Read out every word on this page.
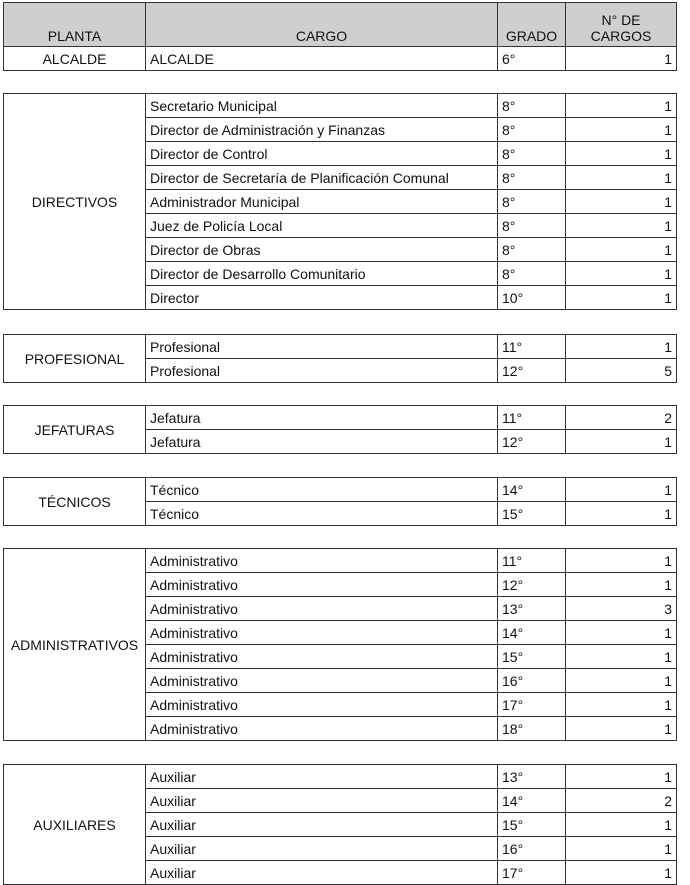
PLANTA	CARGO	GRADO	N° DE
CARGOS
ALCALDE	ALCALDE	6°	1
DIRECTIVOS	Secretario Municipal	8°	1
	Director de Administración y Finanzas	8°	1
	Director de Control	8°	1
	Director de Secretaría de Planificación Comunal	8°	1
	Administrador Municipal	8°	1
	Juez de Policía Local	8°	1
	Director de Obras	8°	1
	Director de Desarrollo Comunitario	8°	1
	Director	10°	1
PROFESIONAL	Profesional	11°	1
	Profesional	12°	5
JEFATURAS	Jefatura	11°	2
	Jefatura	12°	1
TÉCNICOS	Técnico	14°	1
	Técnico	15°	1
ADMINISTRATIVOS	Administrativo	11°	1
	Administrativo	12°	1
	Administrativo	13°	3
	Administrativo	14°	1
	Administrativo	15°	1
	Administrativo	16°	1
	Administrativo	17°	1
	Administrativo	18°	1
AUXILIARES	Auxiliar	13°	1
	Auxiliar	14°	2
	Auxiliar	15°	1
	Auxiliar	16°	1
	Auxiliar	17°	1
